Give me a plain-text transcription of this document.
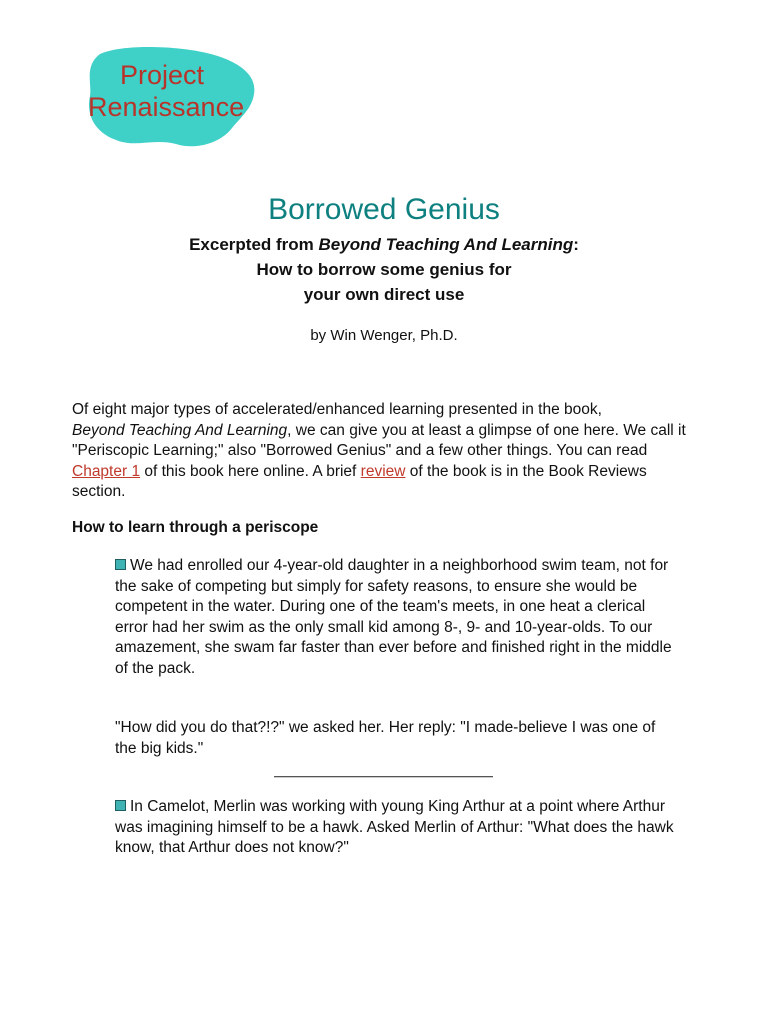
Project
Renaissance
Borrowed Genius
Excerpted from Beyond Teaching And Learning:
How to borrow some genius for
your own direct use
by Win Wenger, Ph.D.

Of eight major types of accelerated/enhanced learning presented in the book,
Beyond Teaching And Learning, we can give you at least a glimpse of one here. We call it "Periscopic Learning;" also "Borrowed Genius" and a few other things. You can read Chapter 1 of this book here online. A brief review of the book is in the Book Reviews section.

How to learn through a periscope

We had enrolled our 4-year-old daughter in a neighborhood swim team, not for the sake of competing but simply for safety reasons, to ensure she would be competent in the water. During one of the team's meets, in one heat a clerical error had her swim as the only small kid among 8-, 9- and 10-year-olds. To our amazement, she swam far faster than ever before and finished right in the middle of the pack.

"How did you do that?!?" we asked her. Her reply: "I made-believe I was one of the big kids."

In Camelot, Merlin was working with young King Arthur at a point where Arthur was imagining himself to be a hawk. Asked Merlin of Arthur: "What does the hawk know, that Arthur does not know?"
